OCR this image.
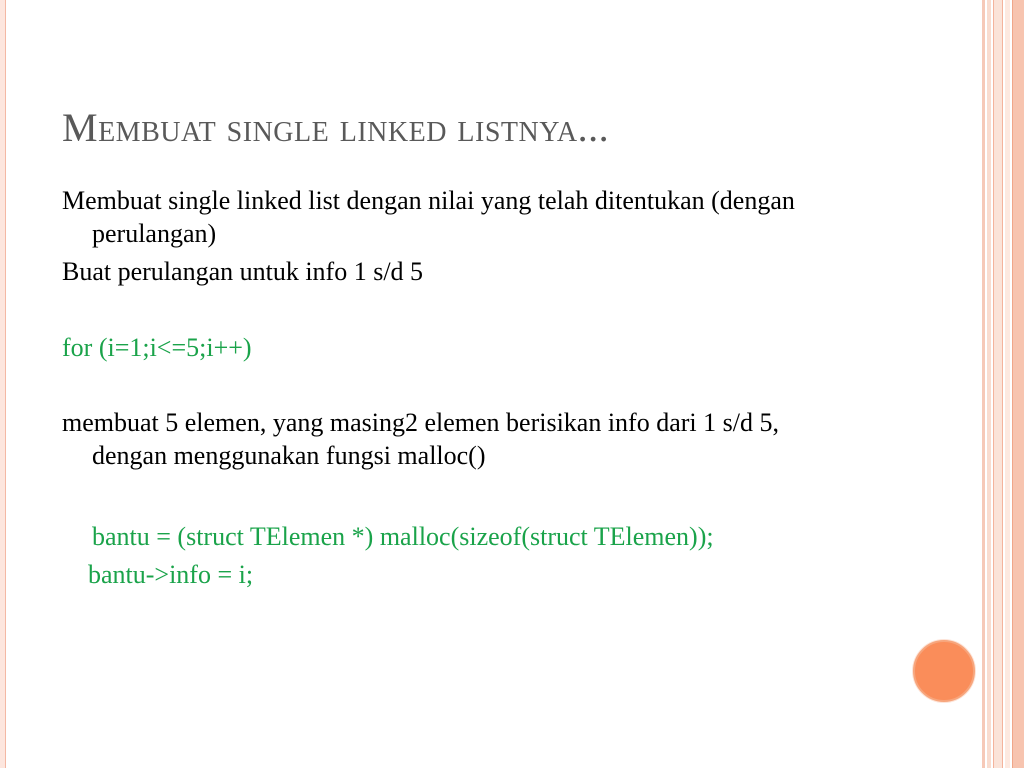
Membuat single linked listnya...

Membuat single linked list dengan nilai yang telah ditentukan (dengan perulangan)

Buat perulangan untuk info 1 s/d 5

for (i=1;i<=5;i++)

membuat 5 elemen, yang masing2 elemen berisikan info dari 1 s/d 5, dengan menggunakan fungsi malloc()

bantu = (struct TElemen *) malloc(sizeof(struct TElemen));

bantu->info = i;
